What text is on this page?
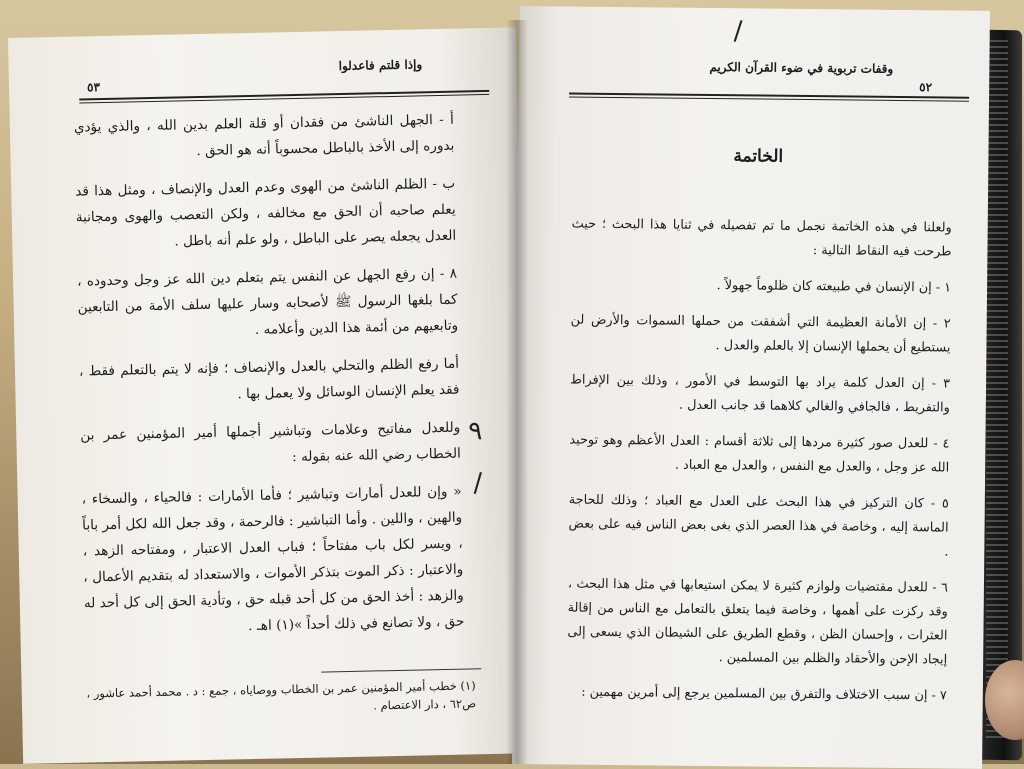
وإذا قلتم فاعدلوا
٥٣

أ - الجهل الناشئ من فقدان أو قلة العلم بدين الله ، والذي يؤدي بدوره إلى الأخذ بالباطل محسوباً أنه هو الحق .

ب - الظلم الناشئ من الهوى وعدم العدل والإنصاف ، ومثل هذا قد يعلم صاحبه أن الحق مع مخالفه ، ولكن التعصب والهوى ومجانبة العدل يجعله يصر على الباطل ، ولو علم أنه باطل .

٨ - إن رفع الجهل عن النفس يتم بتعلم دين الله عز وجل وحدوده ، كما بلغها الرسول ﷺ لأصحابه وسار عليها سلف الأمة من التابعين وتابعيهم من أئمة هذا الدين وأعلامه .

أما رفع الظلم والتحلي بالعدل والإنصاف ؛ فإنه لا يتم بالتعلم فقط ، فقد يعلم الإنسان الوسائل ولا يعمل بها .

وللعدل مفاتيح وعلامات وتباشير أجملها أمير المؤمنين عمر بن الخطاب رضي الله عنه بقوله :

« وإن للعدل أمارات وتباشير ؛ فأما الأمارات : فالحياء ، والسخاء ، والهين ، واللين . وأما التباشير : فالرحمة ، وقد جعل الله لكل أمر باباً ، ويسر لكل باب مفتاحاً ؛ فباب العدل الاعتبار ، ومفتاحه الزهد ، والاعتبار : ذكر الموت بتذكر الأموات ، والاستعداد له بتقديم الأعمال ، والزهد : أخذ الحق من كل أحد قبله حق ، وتأدية الحق إلى كل أحد له حق ، ولا تصانع في ذلك أحداً »(١) اهـ .

٩
/
(١) خطب أمير المؤمنين عمر بن الخطاب ووصاياه ، جمع : د . محمد أحمد عاشور ، ص٦٢ ، دار الاعتصام .
/
وقفات تربوية في ضوء القرآن الكريم
٥٢
الخاتمة

ولعلنا في هذه الخاتمة نجمل ما تم تفصيله في ثنايا هذا البحث ؛ حيث طرحت فيه النقاط التالية :

١ - إن الإنسان في طبيعته كان ظلوماً جهولاً .

٢ - إن الأمانة العظيمة التي أشفقت من حملها السموات والأرض لن يستطيع أن يحملها الإنسان إلا بالعلم والعدل .

٣ - إن العدل كلمة يراد بها التوسط في الأمور ، وذلك بين الإفراط والتفريط ، فالجافي والغالي كلاهما قد جانب العدل .

٤ - للعدل صور كثيرة مردها إلى ثلاثة أقسام : العدل الأعظم وهو توحيد الله عز وجل ، والعدل مع النفس ، والعدل مع العباد .

٥ - كان التركيز في هذا البحث على العدل مع العباد ؛ وذلك للحاجة الماسة إليه ، وخاصة في هذا العصر الذي بغى بعض الناس فيه على بعض .

٦ - للعدل مقتضيات ولوازم كثيرة لا يمكن استيعابها في مثل هذا البحث ، وقد ركزت على أهمها ، وخاصة فيما يتعلق بالتعامل مع الناس من إقالة العثرات ، وإحسان الظن ، وقطع الطريق على الشيطان الذي يسعى إلى إيجاد الإحن والأحقاد والظلم بين المسلمين .

٧ - إن سبب الاختلاف والتفرق بين المسلمين يرجع إلى أمرين مهمين :
